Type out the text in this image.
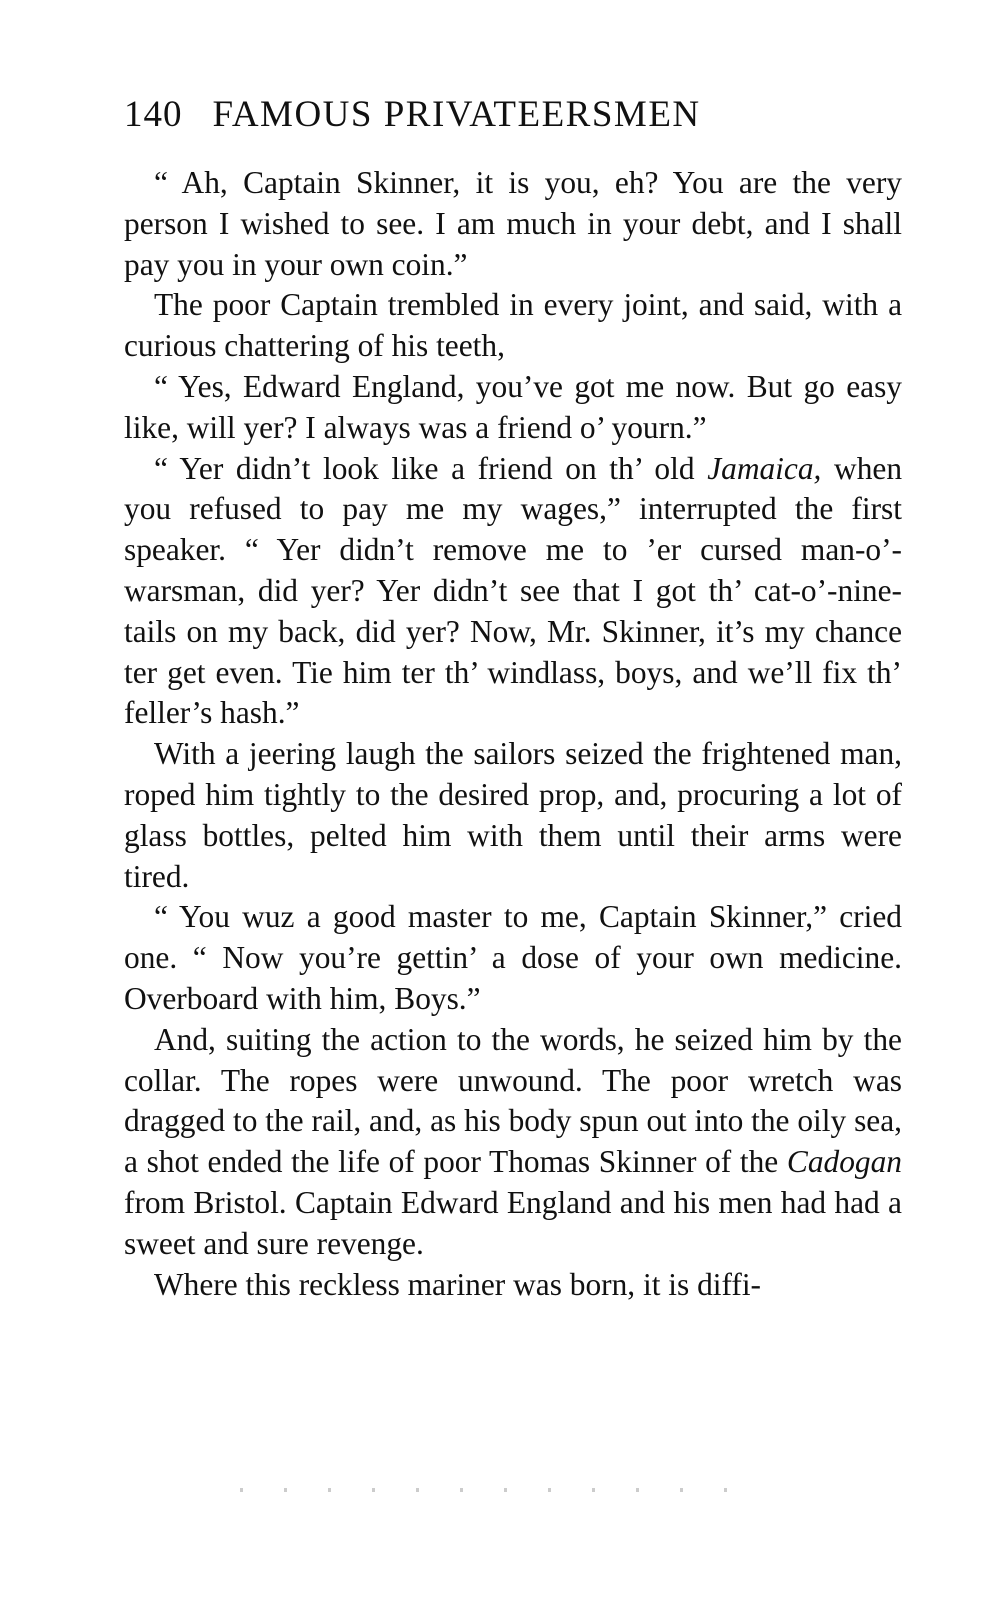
140 FAMOUS PRIVATEERSMEN

“ Ah, Captain Skinner, it is you, eh? You are the very person I wished to see. I am much in your debt, and I shall pay you in your own coin.”

The poor Captain trembled in every joint, and said, with a curious chattering of his teeth,

“ Yes, Edward England, you’ve got me now. But go easy like, will yer? I always was a friend o’ yourn.”

“ Yer didn’t look like a friend on th’ old Jamaica, when you refused to pay me my wages,” interrupted the first speaker. “ Yer didn’t remove me to ’er cursed man-o’-warsman, did yer? Yer didn’t see that I got th’ cat-o’-nine-tails on my back, did yer? Now, Mr. Skinner, it’s my chance ter get even. Tie him ter th’ windlass, boys, and we’ll fix th’ feller’s hash.”

With a jeering laugh the sailors seized the frightened man, roped him tightly to the desired prop, and, procuring a lot of glass bottles, pelted him with them until their arms were tired.

“ You wuz a good master to me, Captain Skinner,” cried one. “ Now you’re gettin’ a dose of your own medicine. Overboard with him, Boys.”

And, suiting the action to the words, he seized him by the collar. The ropes were unwound. The poor wretch was dragged to the rail, and, as his body spun out into the oily sea, a shot ended the life of poor Thomas Skinner of the Cadogan from Bristol. Captain Edward England and his men had had a sweet and sure revenge.

Where this reckless mariner was born, it is diffi-
